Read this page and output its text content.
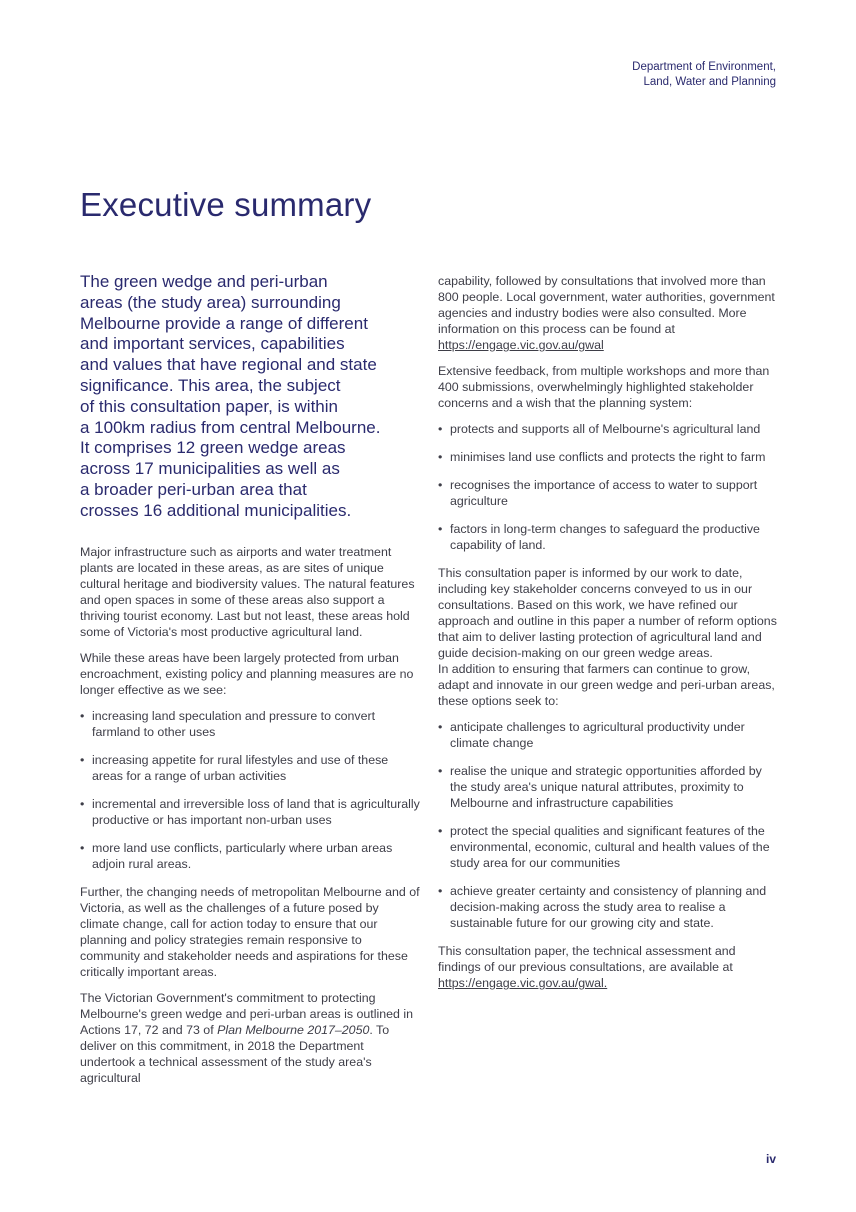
Department of Environment,
Land, Water and Planning
Executive summary
The green wedge and peri-urban
areas (the study area) surrounding
Melbourne provide a range of different
and important services, capabilities
and values that have regional and state
significance. This area, the subject
of this consultation paper, is within
a 100km radius from central Melbourne.
It comprises 12 green wedge areas
across 17 municipalities as well as
a broader peri-urban area that
crosses 16 additional municipalities.

Major infrastructure such as airports and water treatment plants are located in these areas, as are sites of unique cultural heritage and biodiversity values. The natural features and open spaces in some of these areas also support a thriving tourist economy. Last but not least, these areas hold some of Victoria's most productive agricultural land.

While these areas have been largely protected from urban encroachment, existing policy and planning measures are no longer effective as we see:

• increasing land speculation and pressure to convert farmland to other uses
• increasing appetite for rural lifestyles and use of these areas for a range of urban activities
• incremental and irreversible loss of land that is agriculturally productive or has important non-urban uses
• more land use conflicts, particularly where urban areas adjoin rural areas.

Further, the changing needs of metropolitan Melbourne and of Victoria, as well as the challenges of a future posed by climate change, call for action today to ensure that our planning and policy strategies remain responsive to community and stakeholder needs and aspirations for these critically important areas.

The Victorian Government's commitment to protecting Melbourne's green wedge and peri-urban areas is outlined in Actions 17, 72 and 73 of Plan Melbourne 2017–2050. To deliver on this commitment, in 2018 the Department undertook a technical assessment of the study area's agricultural

capability, followed by consultations that involved more than 800 people. Local government, water authorities, government agencies and industry bodies were also consulted. More information on this process can be found at https://engage.vic.gov.au/gwal

Extensive feedback, from multiple workshops and more than 400 submissions, overwhelmingly highlighted stakeholder concerns and a wish that the planning system:

• protects and supports all of Melbourne's agricultural land
• minimises land use conflicts and protects the right to farm
• recognises the importance of access to water to support agriculture
• factors in long-term changes to safeguard the productive capability of land.

This consultation paper is informed by our work to date, including key stakeholder concerns conveyed to us in our consultations. Based on this work, we have refined our approach and outline in this paper a number of reform options that aim to deliver lasting protection of agricultural land and guide decision-making on our green wedge areas.
In addition to ensuring that farmers can continue to grow, adapt and innovate in our green wedge and peri-urban areas, these options seek to:

• anticipate challenges to agricultural productivity under climate change
• realise the unique and strategic opportunities afforded by the study area's unique natural attributes, proximity to Melbourne and infrastructure capabilities
• protect the special qualities and significant features of the environmental, economic, cultural and health values of the study area for our communities
• achieve greater certainty and consistency of planning and decision-making across the study area to realise a sustainable future for our growing city and state.

This consultation paper, the technical assessment and findings of our previous consultations, are available at https://engage.vic.gov.au/gwal.

iv
